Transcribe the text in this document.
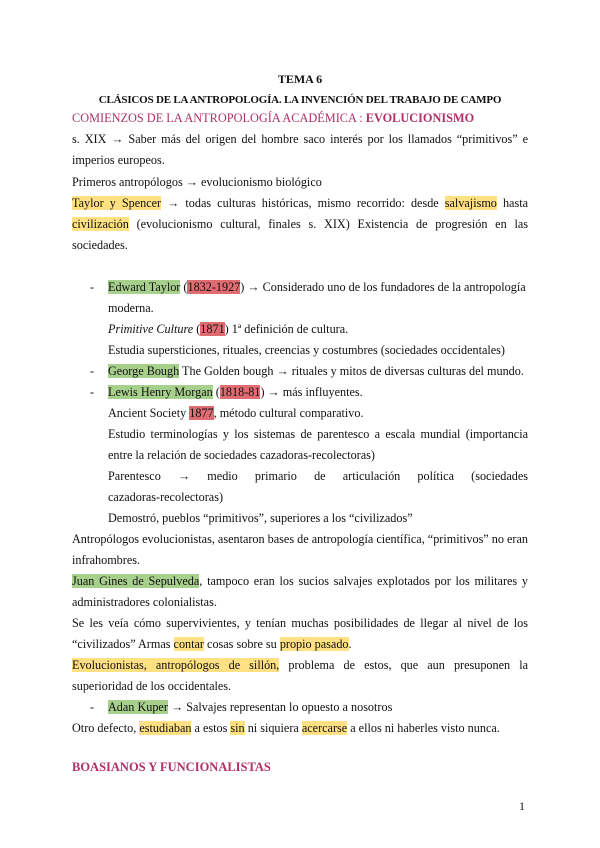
TEMA 6
CLÁSICOS DE LA ANTROPOLOGÍA. LA INVENCIÓN DEL TRABAJO DE CAMPO
COMIENZOS DE LA ANTROPOLOGÍA ACADÉMICA : EVOLUCIONISMO
s. XIX → Saber más del origen del hombre saco interés por los llamados “primitivos” e
imperios europeos.
Primeros antropólogos → evolucionismo biológico
Taylor y Spencer → todas culturas históricas, mismo recorrido: desde salvajismo hasta
civilización (evolucionismo cultural, finales s. XIX) Existencia de progresión en las
sociedades.
- Edward Taylor (1832-1927) → Considerado uno de los fundadores de la antropología
moderna.
Primitive Culture (1871) 1ª definición de cultura.
Estudia supersticiones, rituales, creencias y costumbres (sociedades occidentales)
- George Bough The Golden bough → rituales y mitos de diversas culturas del mundo.
- Lewis Henry Morgan (1818-81) → más influyentes.
Ancient Society 1877, método cultural comparativo.
Estudio terminologías y los sistemas de parentesco a escala mundial (importancia
entre la relación de sociedades cazadoras-recolectoras)
Parentesco → medio primario de articulación política (sociedades
cazadoras-recolectoras)
Demostró, pueblos “primitivos”, superiores a los “civilizados”
Antropólogos evolucionistas, asentaron bases de antropología científica, “primitivos” no eran
infrahombres.
Juan Gines de Sepulveda, tampoco eran los sucios salvajes explotados por los militares y
administradores colonialistas.
Se les veía cómo supervivientes, y tenían muchas posibilidades de llegar al nivel de los
“civilizados” Armas contar cosas sobre su propio pasado.
Evolucionistas, antropólogos de sillón, problema de estos, que aun presuponen la
superioridad de los occidentales.
- Adan Kuper → Salvajes representan lo opuesto a nosotros
Otro defecto, estudiaban a estos sin ni siquiera acercarse a ellos ni haberles visto nunca.
BOASIANOS Y FUNCIONALISTAS
1
